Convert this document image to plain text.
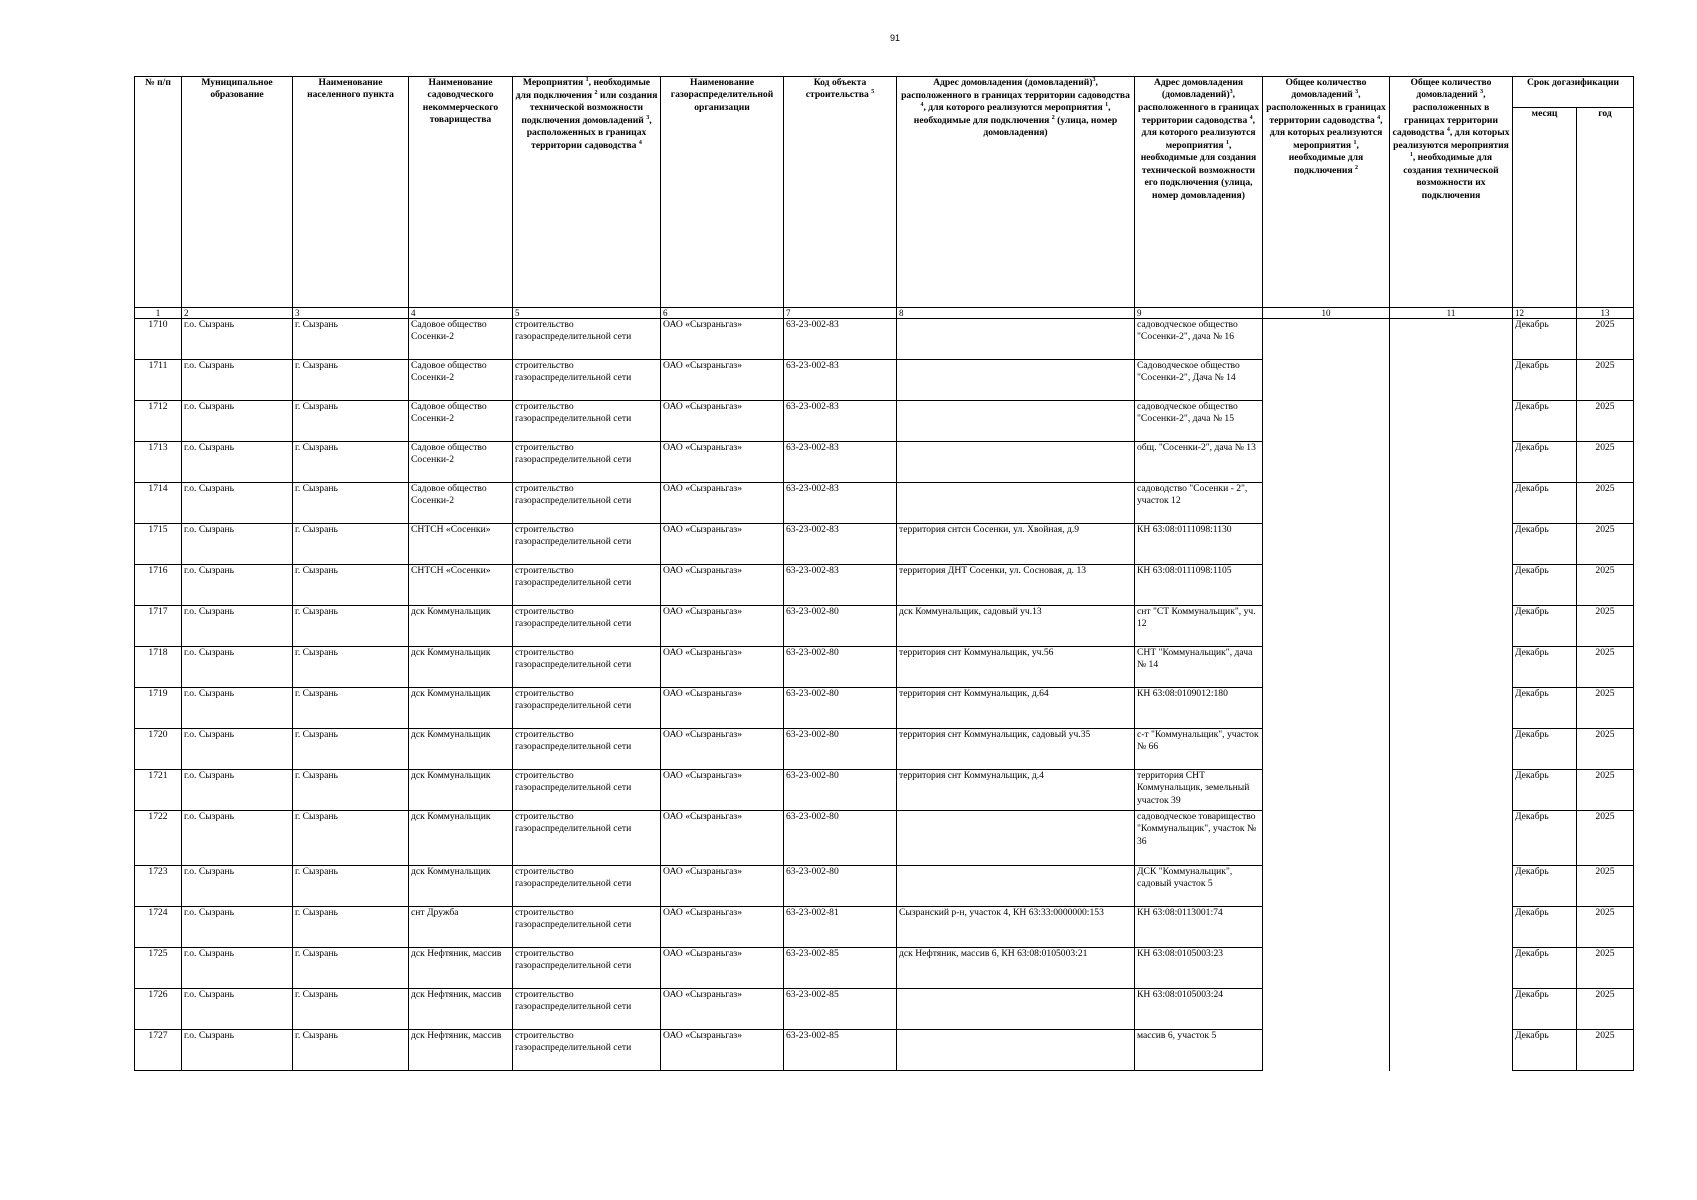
91
№ п/п	Муниципальное образование	Наименование населенного пункта	Наименование садоводческого некоммерческого товарищества	Мероприятия $^1$, необходимые для подключения $^2$ или создания технической возможности подключения домовладений $^3$, расположенных в границах территории садоводства $^4$	Наименование газораспределительной организации	Код объекта строительства $^5$	Адрес домовладения (домовладений)$^3$, расположенного в границах территории садоводства $^4$, для которого реализуются мероприятия $^1$, необходимые для подключения $^2$ (улица, номер домовладения)	Адрес домовладения (домовладений)$^3$, расположенного в границах территории садоводства $^4$, для которого реализуются мероприятия $^1$, необходимые для создания технической возможности его подключения (улица, номер домовладения)	Общее количество домовладений $^3$, расположенных в границах территории садоводства $^4$, для которых реализуются мероприятия $^1$, необходимые для подключения $^2$	Общее количество домовладений $^3$, расположенных в границах территории садоводства $^4$, для которых реализуются мероприятия $^1$, необходимые для создания технической возможности их подключения	Срок догазификации	
											месяц	год
1	2	3	4	5	6	7	8	9	10	11	12	13
1710	г.о. Сызрань	г. Сызрань	Садовое общество Сосенки-2	строительство газораспределительной сети	ОАО «Сызраньгаз»	63-23-002-83		садоводческое общество "Сосенки-2", дача № 16			Декабрь	2025
1711	г.о. Сызрань	г. Сызрань	Садовое общество Сосенки-2	строительство газораспределительной сети	ОАО «Сызраньгаз»	63-23-002-83		Садоводческое общество "Сосенки-2", Дача № 14			Декабрь	2025
1712	г.о. Сызрань	г. Сызрань	Садовое общество Сосенки-2	строительство газораспределительной сети	ОАО «Сызраньгаз»	63-23-002-83		садоводческое общество "Сосенки-2", дача № 15			Декабрь	2025
1713	г.о. Сызрань	г. Сызрань	Садовое общество Сосенки-2	строительство газораспределительной сети	ОАО «Сызраньгаз»	63-23-002-83		общ. "Сосенки-2", дача № 13			Декабрь	2025
1714	г.о. Сызрань	г. Сызрань	Садовое общество Сосенки-2	строительство газораспределительной сети	ОАО «Сызраньгаз»	63-23-002-83		садоводство "Сосенки - 2", участок 12			Декабрь	2025
1715	г.о. Сызрань	г. Сызрань	СНТСН «Сосенки»	строительство газораспределительной сети	ОАО «Сызраньгаз»	63-23-002-83	территория снтсн Сосенки, ул. Хвойная, д.9	КН 63:08:0111098:1130			Декабрь	2025
1716	г.о. Сызрань	г. Сызрань	СНТСН «Сосенки»	строительство газораспределительной сети	ОАО «Сызраньгаз»	63-23-002-83	территория ДНТ Сосенки, ул. Сосновая, д. 13	КН 63:08:0111098:1105			Декабрь	2025
1717	г.о. Сызрань	г. Сызрань	дск Коммунальщик	строительство газораспределительной сети	ОАО «Сызраньгаз»	63-23-002-80	дск Коммунальщик, садовый уч.13	снт "СТ Коммунальщик", уч. 12			Декабрь	2025
1718	г.о. Сызрань	г. Сызрань	дск Коммунальщик	строительство газораспределительной сети	ОАО «Сызраньгаз»	63-23-002-80	территория снт Коммунальщик, уч.56	СНТ "Коммунальщик", дача № 14			Декабрь	2025
1719	г.о. Сызрань	г. Сызрань	дск Коммунальщик	строительство газораспределительной сети	ОАО «Сызраньгаз»	63-23-002-80	территория снт Коммунальщик, д.64	КН 63:08:0109012:180			Декабрь	2025
1720	г.о. Сызрань	г. Сызрань	дск Коммунальщик	строительство газораспределительной сети	ОАО «Сызраньгаз»	63-23-002-80	территория снт Коммунальщик, садовый уч.35	с-т "Коммунальщик", участок № 66			Декабрь	2025
1721	г.о. Сызрань	г. Сызрань	дск Коммунальщик	строительство газораспределительной сети	ОАО «Сызраньгаз»	63-23-002-80	территория снт Коммунальщик, д.4	территория СНТ Коммунальщик, земельный участок 39			Декабрь	2025
1722	г.о. Сызрань	г. Сызрань	дск Коммунальщик	строительство газораспределительной сети	ОАО «Сызраньгаз»	63-23-002-80		садоводческое товарищество "Коммунальщик", участок № 36			Декабрь	2025
1723	г.о. Сызрань	г. Сызрань	дск Коммунальщик	строительство газораспределительной сети	ОАО «Сызраньгаз»	63-23-002-80		ДСК "Коммунальщик", садовый участок 5			Декабрь	2025
1724	г.о. Сызрань	г. Сызрань	снт Дружба	строительство газораспределительной сети	ОАО «Сызраньгаз»	63-23-002-81	Сызранский р-н, участок 4, КН 63:33:0000000:153	КН 63:08:0113001:74			Декабрь	2025
1725	г.о. Сызрань	г. Сызрань	дск Нефтяник, массив	строительство газораспределительной сети	ОАО «Сызраньгаз»	63-23-002-85	дск Нефтяник, массив 6, КН 63:08:0105003:21	КН 63:08:0105003:23			Декабрь	2025
1726	г.о. Сызрань	г. Сызрань	дск Нефтяник, массив	строительство газораспределительной сети	ОАО «Сызраньгаз»	63-23-002-85		КН 63:08:0105003:24			Декабрь	2025
1727	г.о. Сызрань	г. Сызрань	дск Нефтяник, массив	строительство газораспределительной сети	ОАО «Сызраньгаз»	63-23-002-85		массив 6, участок 5			Декабрь	2025
